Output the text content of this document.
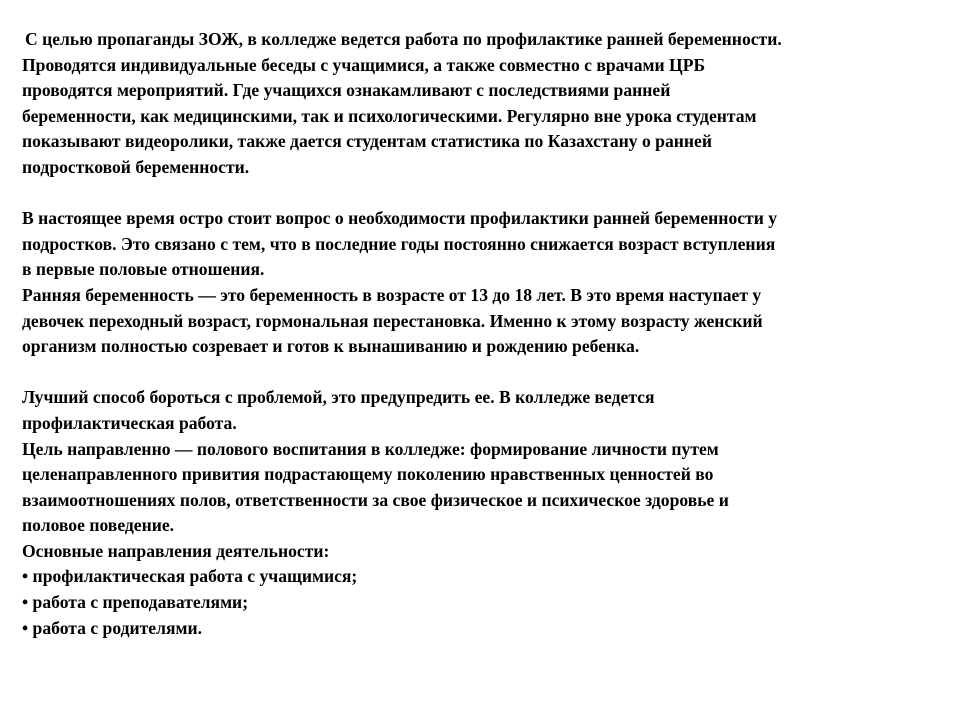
С целью пропаганды ЗОЖ, в колледже ведется работа по профилактике ранней беременности.
Проводятся индивидуальные беседы с учащимися, а также совместно с врачами ЦРБ
проводятся мероприятий. Где учащихся ознакамливают с последствиями ранней
беременности, как медицинскими, так и психологическими. Регулярно вне урока студентам
показывают видеоролики, также дается студентам статистика по Казахстану о ранней
подростковой беременности.
В настоящее время остро стоит вопрос о необходимости профилактики ранней беременности у
подростков. Это связано с тем, что в последние годы постоянно снижается возраст вступления
в первые половые отношения.
Ранняя беременность — это беременность в возрасте от 13 до 18 лет. В это время наступает у
девочек переходный возраст, гормональная перестановка. Именно к этому возрасту женский
организм полностью созревает и готов к вынашиванию и рождению ребенка.
Лучший способ бороться с проблемой, это предупредить ее. В колледже ведется
профилактическая работа.
Цель направленно — полового воспитания в колледже: формирование личности путем
целенаправленного привития подрастающему поколению нравственных ценностей во
взаимоотношениях полов, ответственности за свое физическое и психическое здоровье и
половое поведение.
Основные направления деятельности:
• профилактическая работа с учащимися;
• работа с преподавателями;
• работа с родителями.
